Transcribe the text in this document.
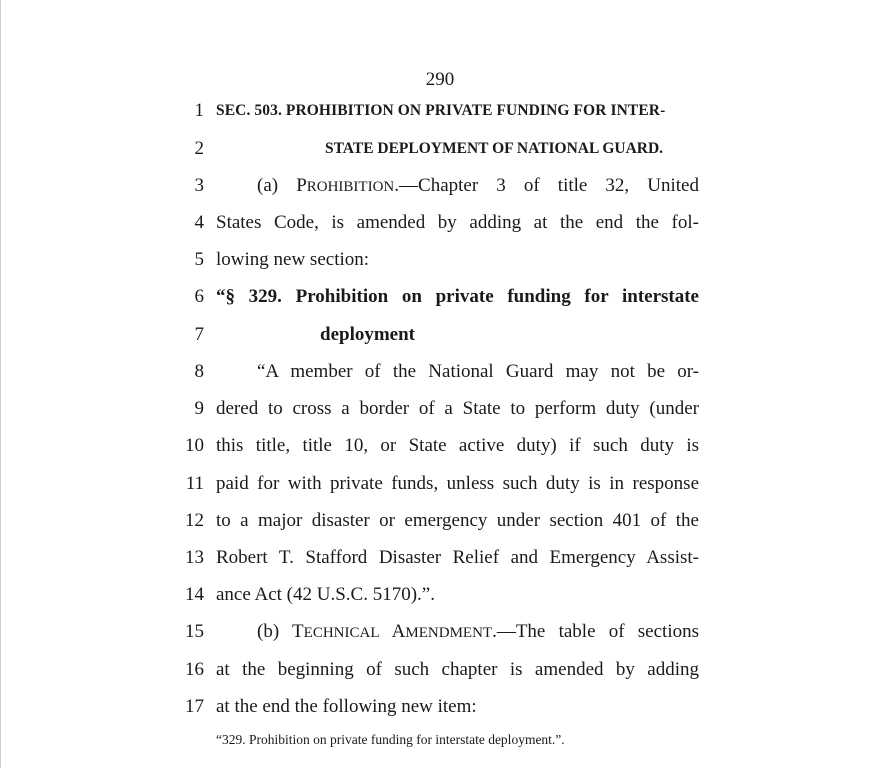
290
1 SEC. 503. PROHIBITION ON PRIVATE FUNDING FOR INTER-
2	STATE DEPLOYMENT OF NATIONAL GUARD.
3	(a) PROHIBITION.—Chapter 3 of title 32, United
4 States Code, is amended by adding at the end the fol-
5 lowing new section:
6 “§ 329. Prohibition on private funding for interstate
7	deployment
8	“A member of the National Guard may not be or-
9 dered to cross a border of a State to perform duty (under
10 this title, title 10, or State active duty) if such duty is
11 paid for with private funds, unless such duty is in response
12 to a major disaster or emergency under section 401 of the
13 Robert T. Stafford Disaster Relief and Emergency Assist-
14 ance Act (42 U.S.C. 5170).”.
15	(b) TECHNICAL AMENDMENT.—The table of sections
16 at the beginning of such chapter is amended by adding
17 at the end the following new item:
“329. Prohibition on private funding for interstate deployment.”.
